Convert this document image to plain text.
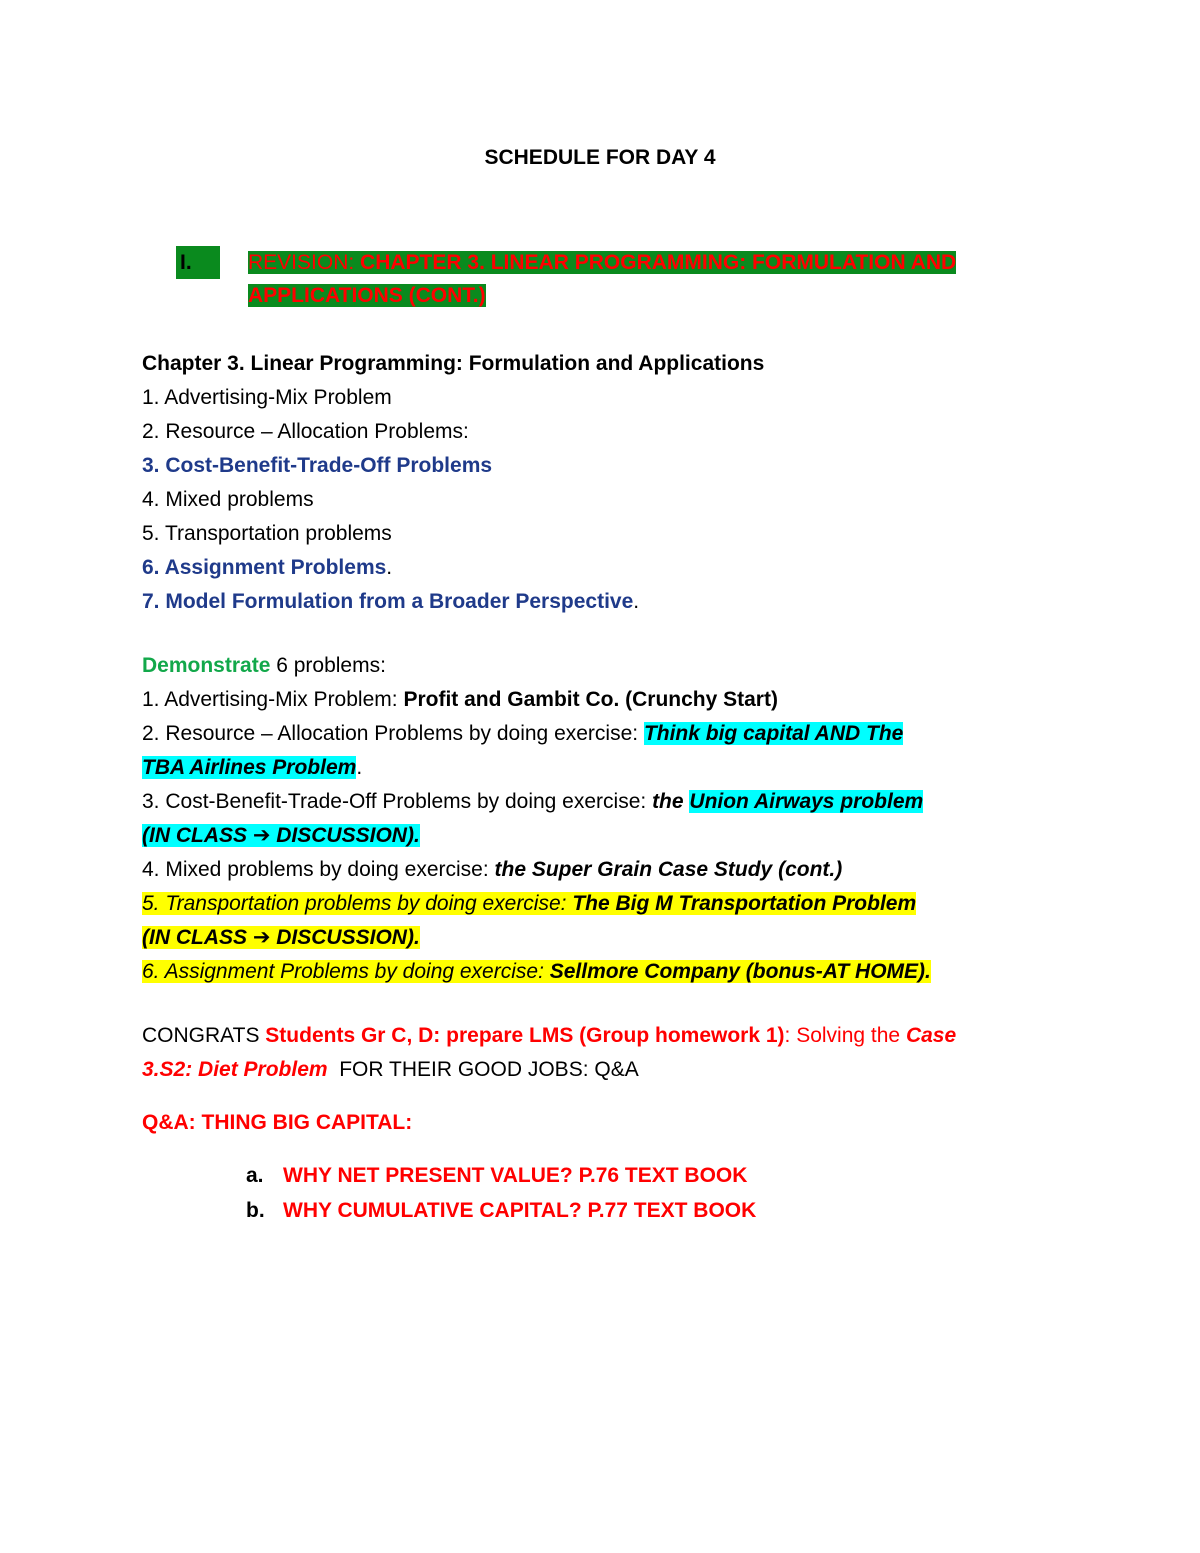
SCHEDULE FOR DAY 4
I.	REVISION: CHAPTER 3. LINEAR PROGRAMMING: FORMULATION AND
APPLICATIONS (CONT.)
Chapter 3. Linear Programming: Formulation and Applications
1. Advertising-Mix Problem
2. Resource – Allocation Problems:
3. Cost-Benefit-Trade-Off Problems
4. Mixed problems
5. Transportation problems
6. Assignment Problems.
7. Model Formulation from a Broader Perspective.
Demonstrate 6 problems:
1. Advertising-Mix Problem: Profit and Gambit Co. (Crunchy Start)
2. Resource – Allocation Problems by doing exercise: Think big capital AND The
TBA Airlines Problem.
3. Cost-Benefit-Trade-Off Problems by doing exercise: the Union Airways problem
(IN CLASS ➔ DISCUSSION).
4. Mixed problems by doing exercise: the Super Grain Case Study (cont.)
5. Transportation problems by doing exercise: The Big M Transportation Problem
(IN CLASS ➔ DISCUSSION).
6. Assignment Problems by doing exercise: Sellmore Company (bonus-AT HOME).
CONGRATS Students Gr C, D: prepare LMS (Group homework 1): Solving the Case
3.S2: Diet Problem  FOR THEIR GOOD JOBS: Q&A
Q&A: THING BIG CAPITAL:
a. WHY NET PRESENT VALUE? P.76 TEXT BOOK
b. WHY CUMULATIVE CAPITAL? P.77 TEXT BOOK
